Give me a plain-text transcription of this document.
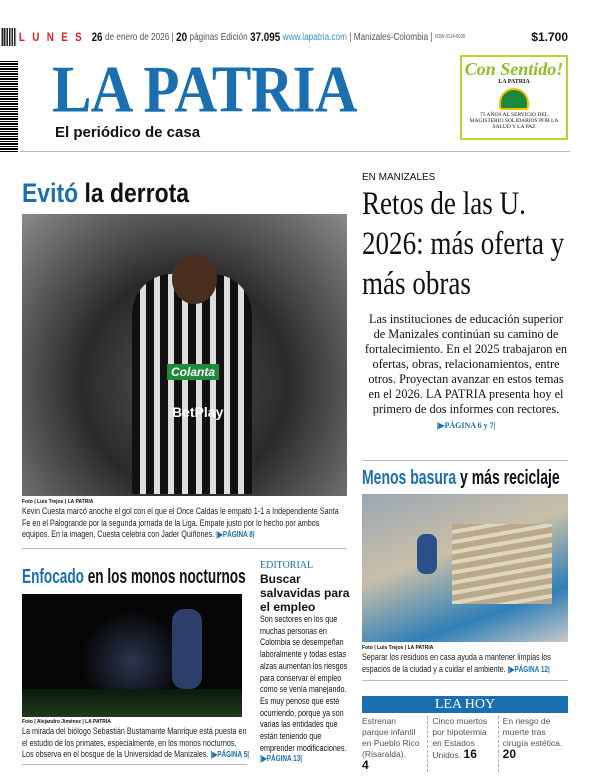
LUNES 26 de enero de 2026 | 20 páginas Edición 37.095 www.lapatria.com | Manizales-Colombia | ISSN 0124-6020	$1.700
LA PATRIA
El periódico de casa
Con Sentido!
LA PATRIA
75 AÑOS AL SERVICIO DEL MAGISTERIO SOLIDARIOS POR LA SALUD Y LA PAZ
Evitó la derrota
Colanta
BetPlay
Foto | Luis Trejos | LA PATRIA
Kevin Cuesta marcó anoche el gol con el que el Once Caldas le empató 1-1 a Independiente Santa Fe en el Palogrande por la segunda jornada de la Liga. Empate justo por lo hecho por ambos equipos. En la imagen, Cuesta celebra con Jader Quiñones. |▶PÁGINA 8|
Enfocado en los monos nocturnos
Foto | Alejandro Jiménez | LA PATRIA
La mirada del biólogo Sebastián Bustamante Manrique está puesta en el estudio de los primates, especialmente, en los monos nocturnos. Los observa en el bosque de la Universidad de Manizales. |▶PÁGINA 5|
EDITORIAL
Buscar salvavidas para el empleo
Son sectores en los que muchas personas en Colombia se desempeñan laboralmente y todas estas alzas aumentan los riesgos para conservar el empleo como se venía manejando. Es muy penoso que esté ocurriendo, porque ya son varias las entidades que están teniendo que emprender modificaciones.
|▶PÁGINA 13|
EN MANIZALES
Retos de las U. 2026: más oferta y más obras
Las instituciones de educación superior de Manizales continúan su camino de fortalecimiento. En el 2025 trabajaron en ofertas, obras, relacionamientos, entre otros. Proyectan avanzar en estos temas en el 2026. LA PATRIA presenta hoy el primero de dos informes con rectores. |▶PÁGINA 6 y 7|
Menos basura y más reciclaje
Foto | Luis Trejos | LA PATRIA
Separar los residuos en casa ayuda a mantener limpias los espacios de la ciudad y a cuidar el ambiente. |▶PÁGINA 12|
LEA HOY
Estrenan parque infantil en Pueblo Rico (Risaralda).
4
Cinco muertos por hipotermia en Estados Unidos. 16
En riesgo de muerte tras cirugía estética.
20
